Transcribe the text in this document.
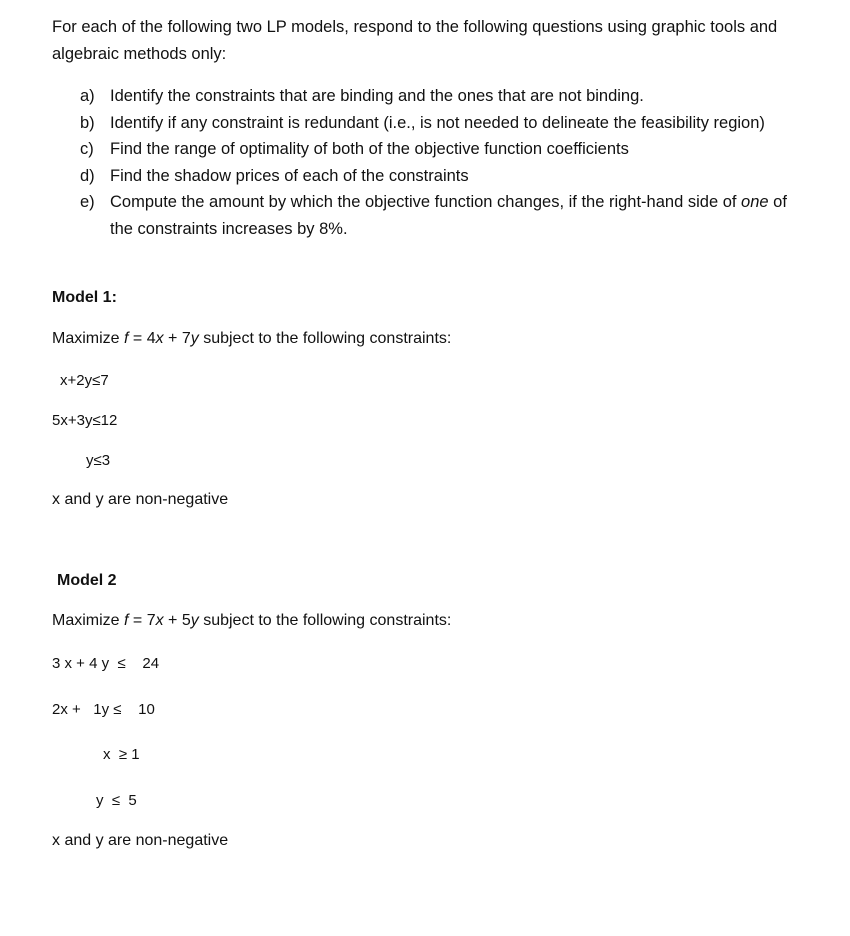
For each of the following two LP models, respond to the following questions using graphic tools and algebraic methods only:
a) Identify the constraints that are binding and the ones that are not binding.
b) Identify if any constraint is redundant (i.e., is not needed to delineate the feasibility region)
c) Find the range of optimality of both of the objective function coefficients
d) Find the shadow prices of each of the constraints
e) Compute the amount by which the objective function changes, if the right-hand side of one of the constraints increases by 8%.
Model 1:
Maximize f = 4x + 7y subject to the following constraints:
x+2y≤7
5x+3y≤12
y≤3
x and y are non-negative
Model 2
Maximize f = 7x + 5y subject to the following constraints:
3 x + 4 y  ≤    24
2x +   1y ≤    10
x  ≥ 1
y  ≤  5
x and y are non-negative
